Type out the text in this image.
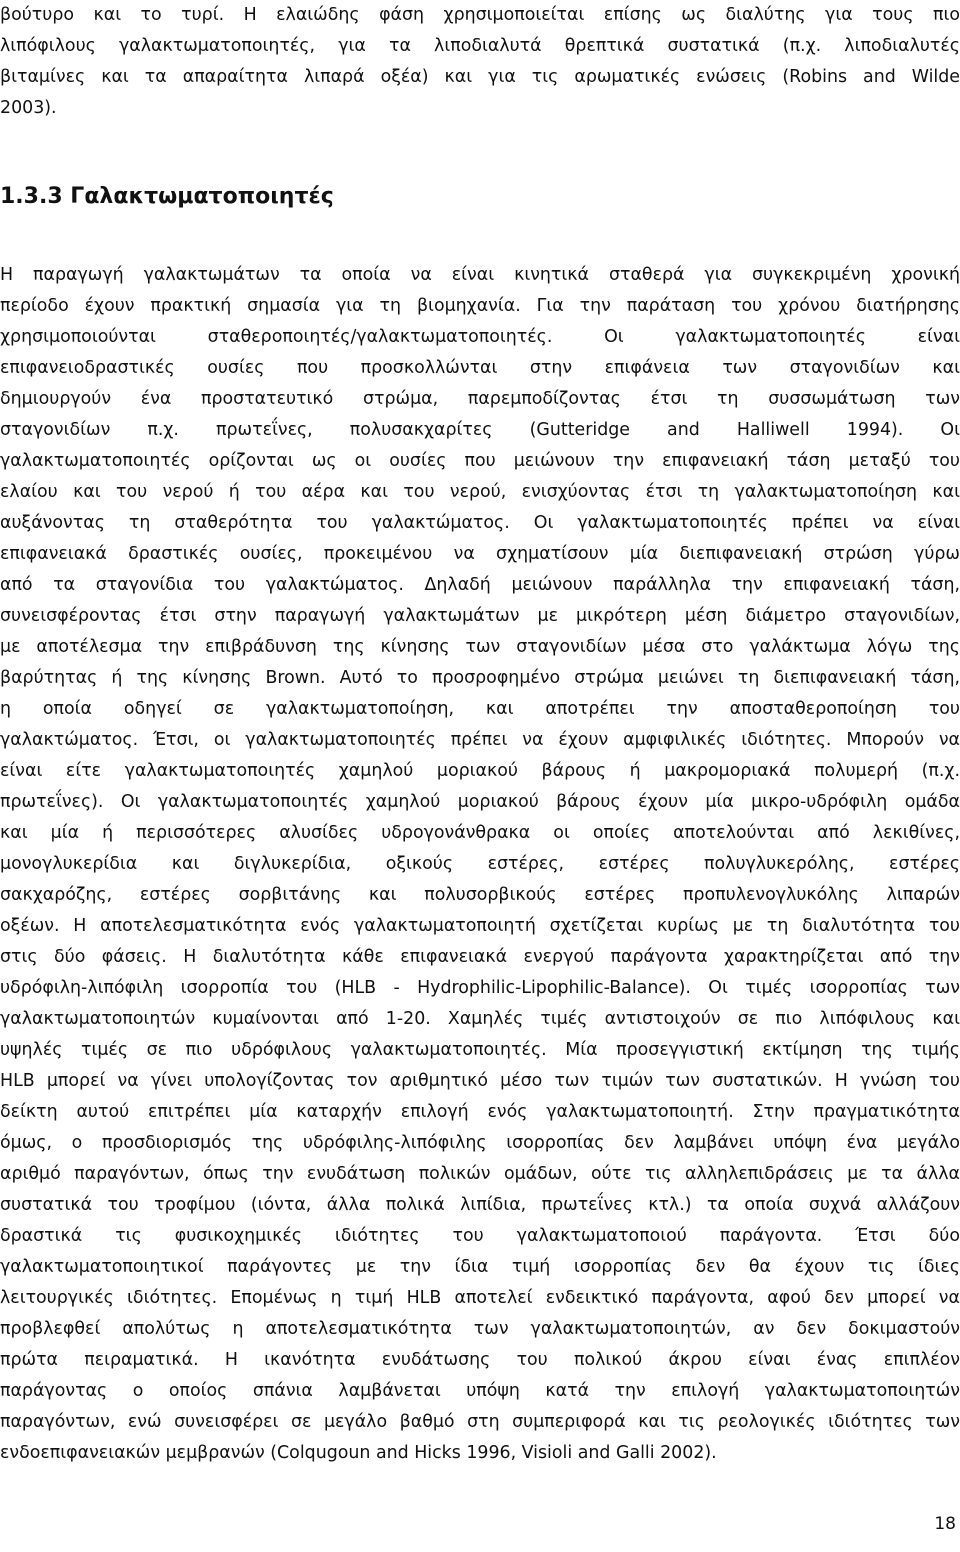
βούτυρο και το τυρί. Η ελαιώδης φάση χρησιμοποιείται επίσης ως διαλύτης για τους πιο
λιπόφιλους γαλακτωματοποιητές, για τα λιποδιαλυτά θρεπτικά συστατικά (π.χ. λιποδιαλυτές
βιταμίνες και τα απαραίτητα λιπαρά οξέα) και για τις αρωματικές ενώσεις (Robins and Wilde
2003).
1.3.3 Γαλακτωματοποιητές
Η παραγωγή γαλακτωμάτων τα οποία να είναι κινητικά σταθερά για συγκεκριμένη χρονική
περίοδο έχουν πρακτική σημασία για τη βιομηχανία. Για την παράταση του χρόνου διατήρησης
χρησιμοποιούνται σταθεροποιητές/γαλακτωματοποιητές. Οι γαλακτωματοποιητές είναι
επιφανειοδραστικές ουσίες που προσκολλώνται στην επιφάνεια των σταγονιδίων και
δημιουργούν ένα προστατευτικό στρώμα, παρεμποδίζοντας έτσι τη συσσωμάτωση των
σταγονιδίων π.χ. πρωτεΐνες, πολυσακχαρίτες (Gutteridge and Halliwell 1994). Οι
γαλακτωματοποιητές ορίζονται ως οι ουσίες που μειώνουν την επιφανειακή τάση μεταξύ του
ελαίου και του νερού ή του αέρα και του νερού, ενισχύοντας έτσι τη γαλακτωματοποίηση και
αυξάνοντας τη σταθερότητα του γαλακτώματος. Οι γαλακτωματοποιητές πρέπει να είναι
επιφανειακά δραστικές ουσίες, προκειμένου να σχηματίσουν μία διεπιφανειακή στρώση γύρω
από τα σταγονίδια του γαλακτώματος. Δηλαδή μειώνουν παράλληλα την επιφανειακή τάση,
συνεισφέροντας έτσι στην παραγωγή γαλακτωμάτων με μικρότερη μέση διάμετρο σταγονιδίων,
με αποτέλεσμα την επιβράδυνση της κίνησης των σταγονιδίων μέσα στο γαλάκτωμα λόγω της
βαρύτητας ή της κίνησης Brown. Αυτό το προσροφημένο στρώμα μειώνει τη διεπιφανειακή τάση,
η οποία οδηγεί σε γαλακτωματοποίηση, και αποτρέπει την αποσταθεροποίηση του
γαλακτώματος. Έτσι, οι γαλακτωματοποιητές πρέπει να έχουν αμφιφιλικές ιδιότητες. Μπορούν να
είναι είτε γαλακτωματοποιητές χαμηλού μοριακού βάρους ή μακρομοριακά πολυμερή (π.χ.
πρωτεΐνες). Οι γαλακτωματοποιητές χαμηλού μοριακού βάρους έχουν μία μικρο-υδρόφιλη ομάδα
και μία ή περισσότερες αλυσίδες υδρογονάνθρακα οι οποίες αποτελούνται από λεκιθίνες,
μονογλυκερίδια και διγλυκερίδια, οξικούς εστέρες, εστέρες πολυγλυκερόλης, εστέρες
σακχαρόζης, εστέρες σορβιτάνης και πολυσορβικούς εστέρες προπυλενογλυκόλης λιπαρών
οξέων. Η αποτελεσματικότητα ενός γαλακτωματοποιητή σχετίζεται κυρίως με τη διαλυτότητα του
στις δύο φάσεις. Η διαλυτότητα κάθε επιφανειακά ενεργού παράγοντα χαρακτηρίζεται από την
υδρόφιλη-λιπόφιλη ισορροπία του (HLB - Hydrophilic-Lipophilic-Balance). Οι τιμές ισορροπίας των
γαλακτωματοποιητών κυμαίνονται από 1-20. Χαμηλές τιμές αντιστοιχούν σε πιο λιπόφιλους και
υψηλές τιμές σε πιο υδρόφιλους γαλακτωματοποιητές. Μία προσεγγιστική εκτίμηση της τιμής
HLB μπορεί να γίνει υπολογίζοντας τον αριθμητικό μέσο των τιμών των συστατικών. Η γνώση του
δείκτη αυτού επιτρέπει μία καταρχήν επιλογή ενός γαλακτωματοποιητή. Στην πραγματικότητα
όμως, ο προσδιορισμός της υδρόφιλης-λιπόφιλης ισορροπίας δεν λαμβάνει υπόψη ένα μεγάλο
αριθμό παραγόντων, όπως την ενυδάτωση πολικών ομάδων, ούτε τις αλληλεπιδράσεις με τα άλλα
συστατικά του τροφίμου (ιόντα, άλλα πολικά λιπίδια, πρωτεΐνες κτλ.) τα οποία συχνά αλλάζουν
δραστικά τις φυσικοχημικές ιδιότητες του γαλακτωματοποιού παράγοντα. Έτσι δύο
γαλακτωματοποιητικοί παράγοντες με την ίδια τιμή ισορροπίας δεν θα έχουν τις ίδιες
λειτουργικές ιδιότητες. Επομένως η τιμή HLB αποτελεί ενδεικτικό παράγοντα, αφού δεν μπορεί να
προβλεφθεί απολύτως η αποτελεσματικότητα των γαλακτωματοποιητών, αν δεν δοκιμαστούν
πρώτα πειραματικά. Η ικανότητα ενυδάτωσης του πολικού άκρου είναι ένας επιπλέον
παράγοντας ο οποίος σπάνια λαμβάνεται υπόψη κατά την επιλογή γαλακτωματοποιητών
παραγόντων, ενώ συνεισφέρει σε μεγάλο βαθμό στη συμπεριφορά και τις ρεολογικές ιδιότητες των
ενδοεπιφανειακών μεμβρανών (Colqugoun and Hicks 1996, Visioli and Galli 2002).
18
